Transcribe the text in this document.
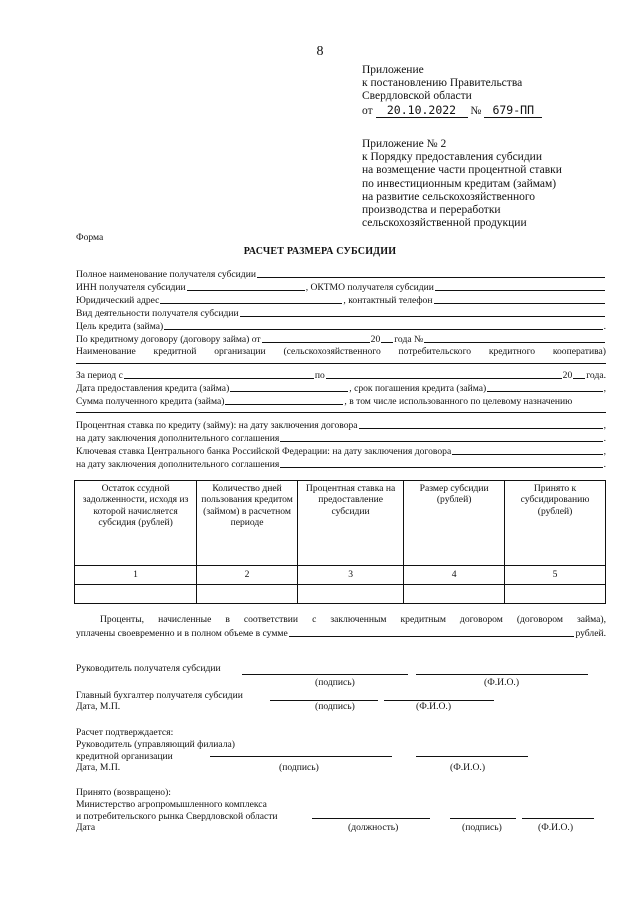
8
Приложение
к постановлению Правительства
Свердловской области
от 20.10.2022 № 679-ПП
Приложение № 2
к Порядку предоставления субсидии
на возмещение части процентной ставки
по инвестиционным кредитам (займам)
на развитие сельскохозяйственного
производства и переработки
сельскохозяйственной продукции
Форма
РАСЧЕТ РАЗМЕРА СУБСИДИИ
Полное наименование получателя субсидии
ИНН получателя субсидии	, ОКТМО получателя субсидии
Юридический адрес	, контактный телефон
Вид деятельности получателя субсидии
Цель кредита (займа)	.
По кредитному договору (договору займа) от	20 года №
Наименование кредитной организации (сельскохозяйственного потребительского кредитного кооператива)
За период с	по	20 года.
Дата предоставления кредита (займа)	, срок погашения кредита (займа)	,
Сумма полученного кредита (займа)	, в том числе использованного по целевому назначению
Процентная ставка по кредиту (займу): на дату заключения договора	,
на дату заключения дополнительного соглашения	.
Ключевая ставка Центрального банка Российской Федерации: на дату заключения договора	,
на дату заключения дополнительного соглашения	.
Остаток ссудной задолженности, исходя из которой начисляется субсидия (рублей)	Количество дней пользования кредитом (займом) в расчетном периоде	Процентная ставка на предоставление субсидии	Размер субсидии (рублей)	Принято к субсидированию (рублей)
1	2	3	4	5

Проценты, начисленные в соответствии с заключенным кредитным договором (договором займа),
уплачены своевременно и в полном объеме в сумме	рублей.
Руководитель получателя субсидии
(подпись)	(Ф.И.О.)
Главный бухгалтер получателя субсидии
Дата, М.П.	(подпись)	(Ф.И.О.)
Расчет подтверждается:
Руководитель (управляющий филиала)
кредитной организации
Дата, М.П.	(подпись)	(Ф.И.О.)
Принято (возвращено):
Министерство агропромышленного комплекса
и потребительского рынка Свердловской области
Дата	(должность)	(подпись)	(Ф.И.О.)
